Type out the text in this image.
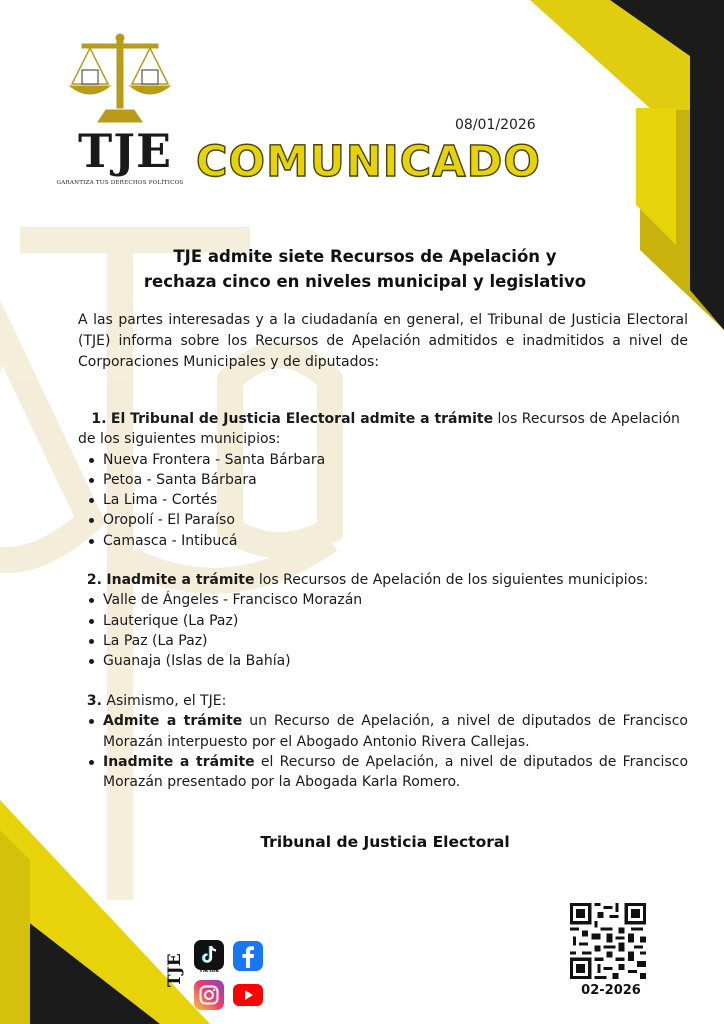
TJE
GARANTIZA TUS DERECHOS POLÍTICOS
08/01/2026
COMUNICADO
TJE admite siete Recursos de Apelación y
rechaza cinco en niveles municipal y legislativo
A las partes interesadas y a la ciudadanía en general, el Tribunal de Justicia Electoral (TJE) informa sobre los Recursos de Apelación admitidos e inadmitidos a nivel de Corporaciones Municipales y de diputados:
1. El Tribunal de Justicia Electoral admite a trámite los Recursos de Apelación
de los siguientes municipios:
Nueva Frontera - Santa Bárbara
Petoa - Santa Bárbara
La Lima - Cortés
Oropolí - El Paraíso
Camasca - Intibucá
2. Inadmite a trámite los Recursos de Apelación de los siguientes municipios:
Valle de Ángeles - Francisco Morazán
Lauterique (La Paz)
La Paz (La Paz)
Guanaja (Islas de la Bahía)
3. Asimismo, el TJE:
Admite a trámite un Recurso de Apelación, a nivel de diputados de Francisco Morazán interpuesto por el Abogado Antonio Rivera Callejas.
Inadmite a trámite el Recurso de Apelación, a nivel de diputados de Francisco Morazán presentado por la Abogada Karla Romero.
Tribunal de Justicia Electoral
TJE	TikTok
02-2026
